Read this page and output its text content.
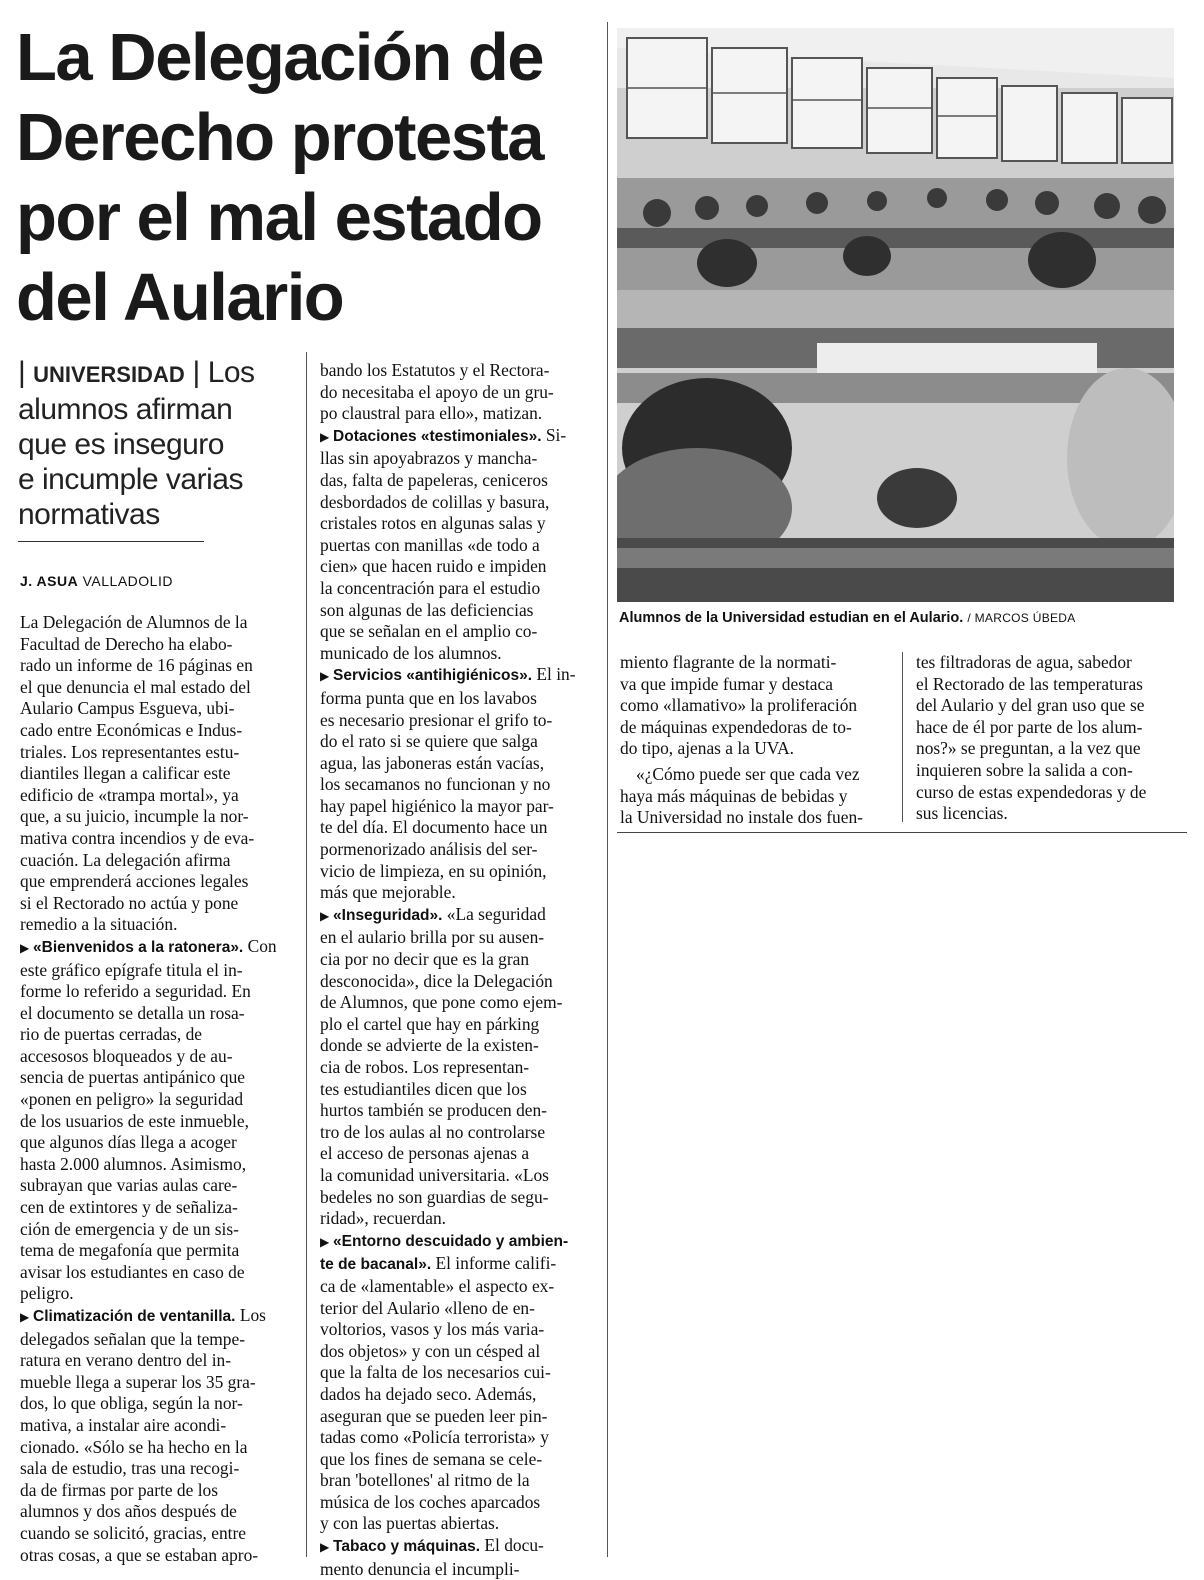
La Delegación de
Derecho protesta
por el mal estado
del Aulario
| UNIVERSIDAD | Los
alumnos afirman
que es inseguro
e incumple varias
normativas
J. ASUA VALLADOLID
La Delegación de Alumnos de la
Facultad de Derecho ha elabo-
rado un informe de 16 páginas en
el que denuncia el mal estado del
Aulario Campus Esgueva, ubi-
cado entre Económicas e Indus-
triales. Los representantes estu-
diantiles llegan a calificar este
edificio de «trampa mortal», ya
que, a su juicio, incumple la nor-
mativa contra incendios y de eva-
cuación. La delegación afirma
que emprenderá acciones legales
si el Rectorado no actúa y pone
remedio a la situación.
▶ «Bienvenidos a la ratonera». Con
este gráfico epígrafe titula el in-
forme lo referido a seguridad. En
el documento se detalla un rosa-
rio de puertas cerradas, de
accesosos bloqueados y de au-
sencia de puertas antipánico que
«ponen en peligro» la seguridad
de los usuarios de este inmueble,
que algunos días llega a acoger
hasta 2.000 alumnos. Asimismo,
subrayan que varias aulas care-
cen de extintores y de señaliza-
ción de emergencia y de un sis-
tema de megafonía que permita
avisar los estudiantes en caso de
peligro.
▶ Climatización de ventanilla. Los
delegados señalan que la tempe-
ratura en verano dentro del in-
mueble llega a superar los 35 gra-
dos, lo que obliga, según la nor-
mativa, a instalar aire acondi-
cionado. «Sólo se ha hecho en la
sala de estudio, tras una recogi-
da de firmas por parte de los
alumnos y dos años después de
cuando se solicitó, gracias, entre
otras cosas, a que se estaban apro-
bando los Estatutos y el Rectora-
do necesitaba el apoyo de un gru-
po claustral para ello», matizan.
▶ Dotaciones «testimoniales». Si-
llas sin apoyabrazos y mancha-
das, falta de papeleras, ceniceros
desbordados de colillas y basura,
cristales rotos en algunas salas y
puertas con manillas «de todo a
cien» que hacen ruido e impiden
la concentración para el estudio
son algunas de las deficiencias
que se señalan en el amplio co-
municado de los alumnos.
▶ Servicios «antihigiénicos». El in-
forma punta que en los lavabos
es necesario presionar el grifo to-
do el rato si se quiere que salga
agua, las jaboneras están vacías,
los secamanos no funcionan y no
hay papel higiénico la mayor par-
te del día. El documento hace un
pormenorizado análisis del ser-
vicio de limpieza, en su opinión,
más que mejorable.
▶ «Inseguridad». «La seguridad
en el aulario brilla por su ausen-
cia por no decir que es la gran
desconocida», dice la Delegación
de Alumnos, que pone como ejem-
plo el cartel que hay en párking
donde se advierte de la existen-
cia de robos. Los representan-
tes estudiantiles dicen que los
hurtos también se producen den-
tro de los aulas al no controlarse
el acceso de personas ajenas a
la comunidad universitaria. «Los
bedeles no son guardias de segu-
ridad», recuerdan.
▶ «Entorno descuidado y ambien-
te de bacanal». El informe califi-
ca de «lamentable» el aspecto ex-
terior del Aulario «lleno de en-
voltorios, vasos y los más varia-
dos objetos» y con un césped al
que la falta de los necesarios cui-
dados ha dejado seco. Además,
aseguran que se pueden leer pin-
tadas como «Policía terrorista» y
que los fines de semana se cele-
bran 'botellones' al ritmo de la
música de los coches aparcados
y con las puertas abiertas.
▶ Tabaco y máquinas. El docu-
mento denuncia el incumpli-
miento flagrante de la normati-
va que impide fumar y destaca
como «llamativo» la proliferación
de máquinas expendedoras de to-
do tipo, ajenas a la UVA.
«¿Cómo puede ser que cada vez
haya más máquinas de bebidas y
la Universidad no instale dos fuen-
tes filtradoras de agua, sabedor
el Rectorado de las temperaturas
del Aulario y del gran uso que se
hace de él por parte de los alum-
nos?» se preguntan, a la vez que
inquieren sobre la salida a con-
curso de estas expendedoras y de
sus licencias.
Alumnos de la Universidad estudian en el Aulario. / MARCOS ÚBEDA
